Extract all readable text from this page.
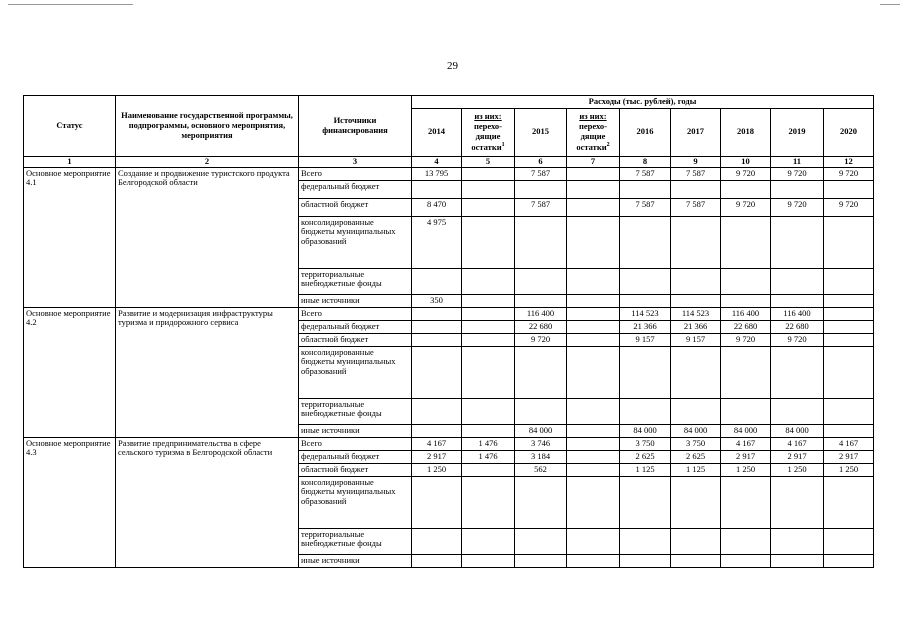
29
Статус	Наименование государственной программы, подпрограммы, основного мероприятия, мероприятия	Источники финансирования	Расходы (тыс. рублей), годы								
			2014	из них:
перехо-
дящие
остатки$^1$	2015	из них:
перехо-
дящие
остатки$^2$	2016	2017	2018	2019	2020
1	2	3	4	5	6	7	8	9	10	11	12
Основное мероприятие 4.1	Создание и продвижение туристского продукта Белгородской области	Всего	13 795		7 587		7 587	7 587	9 720	9 720	9 720
		федеральный бюджет									
		областной бюджет	8 470		7 587		7 587	7 587	9 720	9 720	9 720
		консолидированные бюджеты муниципальных образований	4 975								
		территориальные внебюджетные фонды									
		иные источники	350								
Основное мероприятие 4.2	Развитие и модернизация инфраструктуры туризма и придорожного сервиса	Всего			116 400		114 523	114 523	116 400	116 400	
		федеральный бюджет			22 680		21 366	21 366	22 680	22 680	
		областной бюджет			9 720		9 157	9 157	9 720	9 720	
		консолидированные бюджеты муниципальных образований									
		территориальные внебюджетные фонды									
		иные источники			84 000		84 000	84 000	84 000	84 000	
Основное мероприятие 4.3	Развитие предпринимательства в сфере сельского туризма в Белгородской области	Всего	4 167	1 476	3 746		3 750	3 750	4 167	4 167	4 167
		федеральный бюджет	2 917	1 476	3 184		2 625	2 625	2 917	2 917	2 917
		областной бюджет	1 250		562		1 125	1 125	1 250	1 250	1 250
		консолидированные бюджеты муниципальных образований									
		территориальные внебюджетные фонды									
		иные источники									
